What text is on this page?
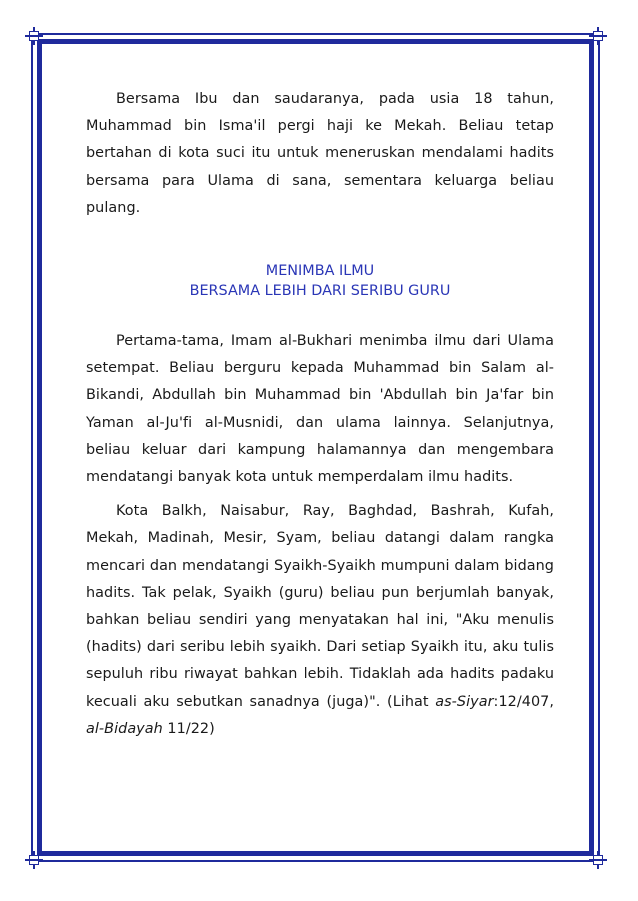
Bersama Ibu dan saudaranya, pada usia 18 tahun, Muhammad bin Isma'il pergi haji ke Mekah. Beliau tetap bertahan di kota suci itu untuk meneruskan mendalami hadits bersama para Ulama di sana, sementara keluarga beliau pulang.

MENIMBA ILMU
BERSAMA LEBIH DARI SERIBU GURU

Pertama-tama, Imam al-Bukhari menimba ilmu dari Ulama setempat. Beliau berguru kepada Muhammad bin Salam al-Bikandi, Abdullah bin Muhammad bin 'Abdullah bin Ja'far bin Yaman al-Ju'fi al-Musnidi, dan ulama lainnya. Selanjutnya, beliau keluar dari kampung halamannya dan mengembara mendatangi banyak kota untuk memperdalam ilmu hadits.

Kota Balkh, Naisabur, Ray, Baghdad, Bashrah, Kufah, Mekah, Madinah, Mesir, Syam, beliau datangi dalam rangka mencari dan mendatangi Syaikh-Syaikh mumpuni dalam bidang hadits. Tak pelak, Syaikh (guru) beliau pun berjumlah banyak, bahkan beliau sendiri yang menyatakan hal ini, "Aku menulis (hadits) dari seribu lebih syaikh. Dari setiap Syaikh itu, aku tulis sepuluh ribu riwayat bahkan lebih. Tidaklah ada hadits padaku kecuali aku sebutkan sanadnya (juga)". (Lihat as-Siyar:12/407, al-Bidayah 11/22)
